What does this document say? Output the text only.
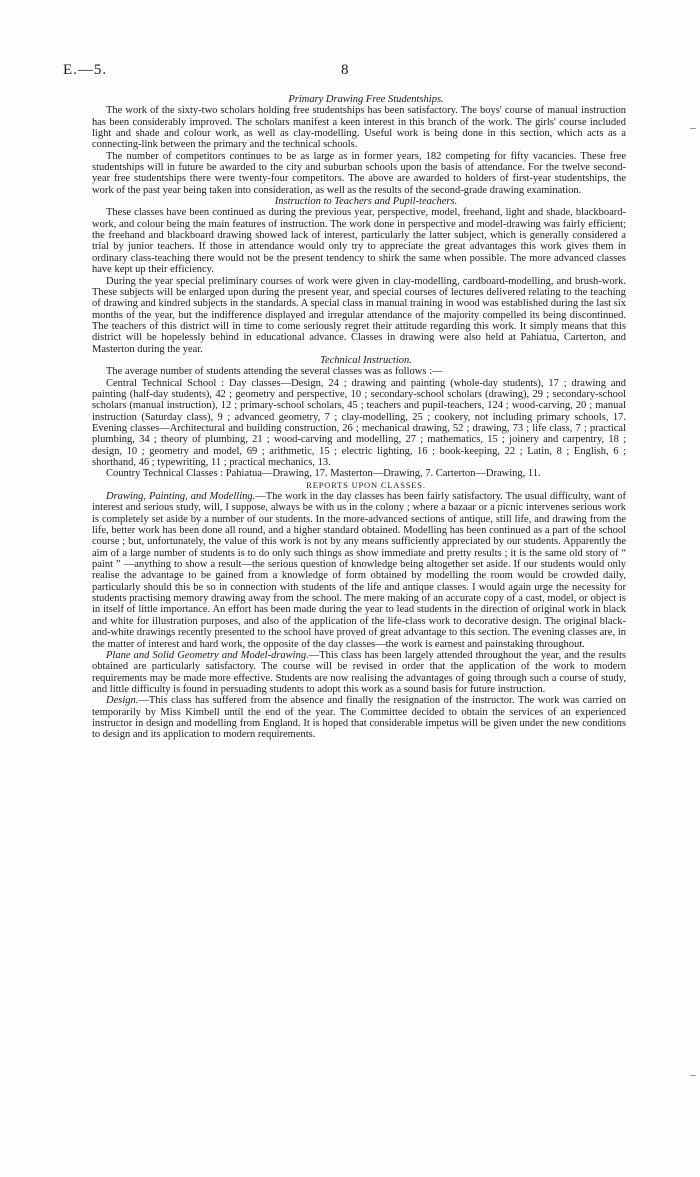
E.—5.	8

Primary Drawing Free Studentships.

The work of the sixty-two scholars holding free studentships has been satisfactory. The boys' course of manual instruction has been considerably improved. The scholars manifest a keen interest in this branch of the work. The girls' course included light and shade and colour work, as well as clay-modelling. Useful work is being done in this section, which acts as a connecting-link between the primary and the technical schools.

The number of competitors continues to be as large as in former years, 182 competing for fifty vacancies. These free studentships will in future be awarded to the city and suburban schools upon the basis of attendance. For the twelve second-year free studentships there were twenty-four competitors. The above are awarded to holders of first-year studentships, the work of the past year being taken into consideration, as well as the results of the second-grade drawing examination.

Instruction to Teachers and Pupil-teachers.

These classes have been continued as during the previous year, perspective, model, freehand, light and shade, blackboard-work, and colour being the main features of instruction. The work done in perspective and model-drawing was fairly efficient; the freehand and blackboard drawing showed lack of interest, particularly the latter subject, which is generally considered a trial by junior teachers. If those in attendance would only try to appreciate the great advantages this work gives them in ordinary class-teaching there would not be the present tendency to shirk the same when possible. The more advanced classes have kept up their efficiency.

During the year special preliminary courses of work were given in clay-modelling, cardboard-modelling, and brush-work. These subjects will be enlarged upon during the present year, and special courses of lectures delivered relating to the teaching of drawing and kindred subjects in the standards. A special class in manual training in wood was established during the last six months of the year, but the indifference displayed and irregular attendance of the majority compelled its being discontinued. The teachers of this district will in time to come seriously regret their attitude regarding this work. It simply means that this district will be hopelessly behind in educational advance. Classes in drawing were also held at Pahiatua, Carterton, and Masterton during the year.

Technical Instruction.

The average number of students attending the several classes was as follows :—

Central Technical School : Day classes—Design, 24 ; drawing and painting (whole-day students), 17 ; drawing and painting (half-day students), 42 ; geometry and perspective, 10 ; secondary-school scholars (drawing), 29 ; secondary-school scholars (manual instruction), 12 ; primary-school scholars, 45 ; teachers and pupil-teachers, 124 ; wood-carving, 20 ; manual instruction (Saturday class), 9 ; advanced geometry, 7 ; clay-modelling, 25 ; cookery, not including primary schools, 17. Evening classes—Architectural and building construction, 26 ; mechanical drawing, 52 ; drawing, 73 ; life class, 7 ; practical plumbing, 34 ; theory of plumbing, 21 ; wood-carving and modelling, 27 ; mathematics, 15 ; joinery and carpentry, 18 ; design, 10 ; geometry and model, 69 ; arithmetic, 15 ; electric lighting, 16 ; book-keeping, 22 ; Latin, 8 ; English, 6 ; shorthand, 46 ; typewriting, 11 ; practical mechanics, 13.

Country Technical Classes : Pahiatua—Drawing, 17. Masterton—Drawing, 7. Carterton—Drawing, 11.

REPORTS UPON CLASSES.

Drawing, Painting, and Modelling.—The work in the day classes has been fairly satisfactory. The usual difficulty, want of interest and serious study, will, I suppose, always be with us in the colony ; where a bazaar or a picnic intervenes serious work is completely set aside by a number of our students. In the more-advanced sections of antique, still life, and drawing from the life, better work has been done all round, and a higher standard obtained. Modelling has been continued as a part of the school course ; but, unfortunately, the value of this work is not by any means sufficiently appreciated by our students. Apparently the aim of a large number of students is to do only such things as show immediate and pretty results ; it is the same old story of “ paint ” —anything to show a result—the serious question of knowledge being altogether set aside. If our students would only realise the advantage to be gained from a knowledge of form obtained by modelling the room would be crowded daily, particularly should this be so in connection with students of the life and antique classes. I would again urge the necessity for students practising memory drawing away from the school. The mere making of an accurate copy of a cast, model, or object is in itself of little importance. An effort has been made during the year to lead students in the direction of original work in black and white for illustration purposes, and also of the application of the life-class work to decorative design. The original black-and-white drawings recently presented to the school have proved of great advantage to this section. The evening classes are, in the matter of interest and hard work, the opposite of the day classes—the work is earnest and painstaking throughout.

Plane and Solid Geometry and Model-drawing.—This class has been largely attended throughout the year, and the results obtained are particularly satisfactory. The course will be revised in order that the application of the work to modern requirements may be made more effective. Students are now realising the advantages of going through such a course of study, and little difficulty is found in persuading students to adopt this work as a sound basis for future instruction.

Design.—This class has suffered from the absence and finally the resignation of the instructor. The work was carried on temporarily by Miss Kimbell until the end of the year. The Committee decided to obtain the services of an experienced instructor in design and modelling from England. It is hoped that considerable impetus will be given under the new conditions to design and its application to modern requirements.
